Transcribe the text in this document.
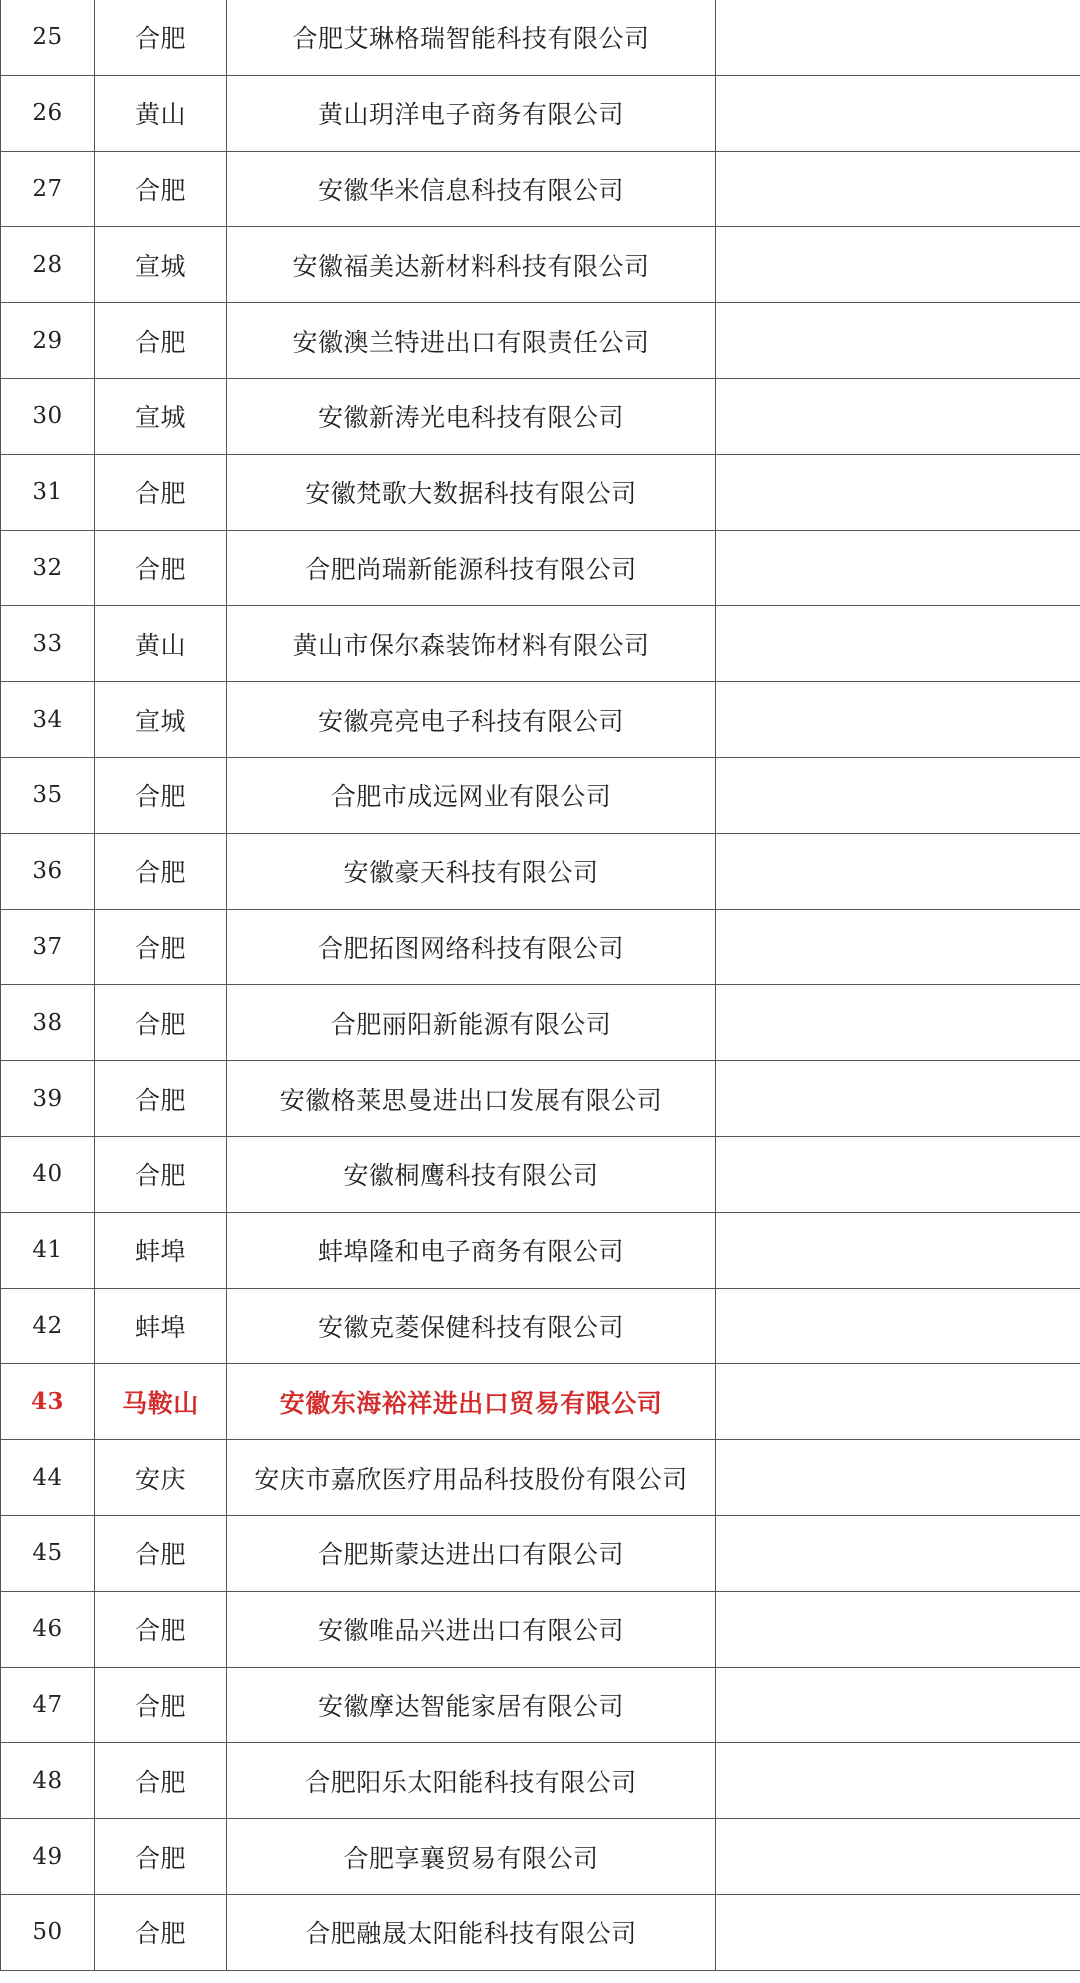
25	合肥	合肥艾琳格瑞智能科技有限公司	
26	黄山	黄山玥洋电子商务有限公司	
27	合肥	安徽华米信息科技有限公司	
28	宣城	安徽福美达新材料科技有限公司	
29	合肥	安徽澳兰特进出口有限责任公司	
30	宣城	安徽新涛光电科技有限公司	
31	合肥	安徽梵歌大数据科技有限公司	
32	合肥	合肥尚瑞新能源科技有限公司	
33	黄山	黄山市保尔森装饰材料有限公司	
34	宣城	安徽亮亮电子科技有限公司	
35	合肥	合肥市成远网业有限公司	
36	合肥	安徽豪天科技有限公司	
37	合肥	合肥拓图网络科技有限公司	
38	合肥	合肥丽阳新能源有限公司	
39	合肥	安徽格莱思曼进出口发展有限公司	
40	合肥	安徽桐鹰科技有限公司	
41	蚌埠	蚌埠隆和电子商务有限公司	
42	蚌埠	安徽克菱保健科技有限公司	
43	马鞍山	安徽东海裕祥进出口贸易有限公司	
44	安庆	安庆市嘉欣医疗用品科技股份有限公司	
45	合肥	合肥斯蒙达进出口有限公司	
46	合肥	安徽唯品兴进出口有限公司	
47	合肥	安徽摩达智能家居有限公司	
48	合肥	合肥阳乐太阳能科技有限公司	
49	合肥	合肥享襄贸易有限公司	
50	合肥	合肥融晟太阳能科技有限公司	
